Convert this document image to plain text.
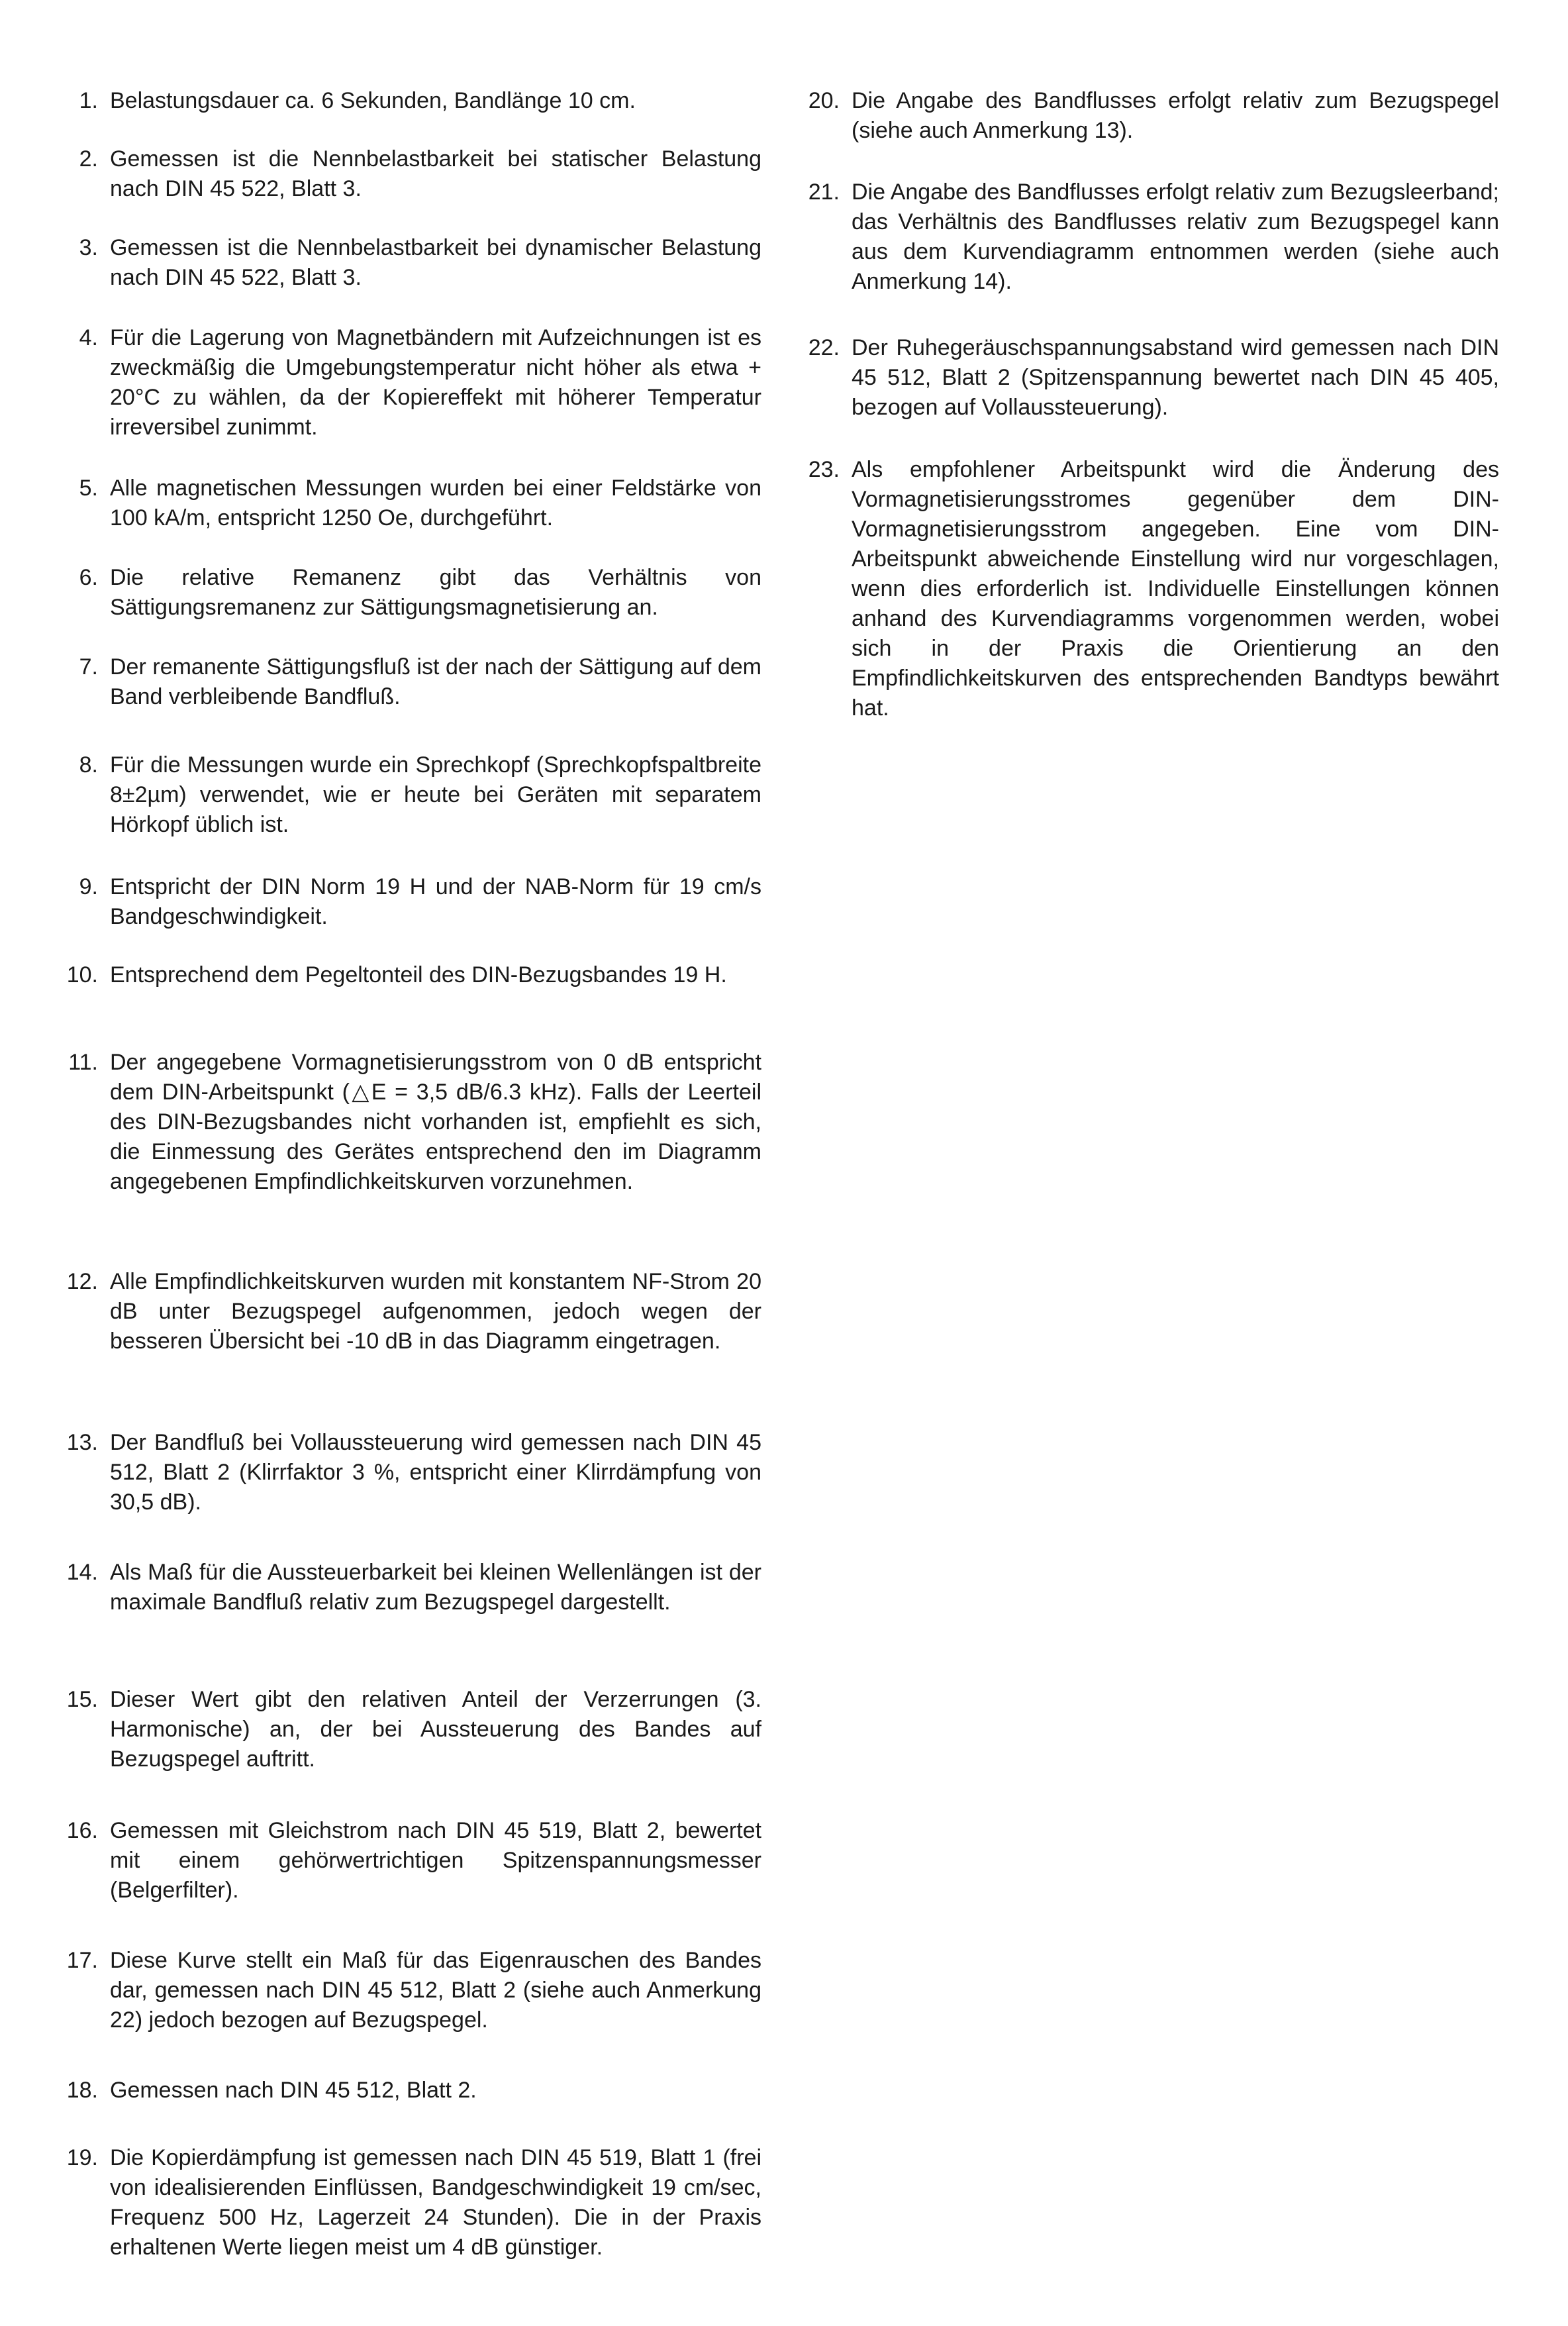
1. Belastungsdauer ca. 6 Sekunden, Bandlänge 10 cm.
2. Gemessen ist die Nennbelastbarkeit bei statischer Belastung nach DIN 45 522, Blatt 3.
3. Gemessen ist die Nennbelastbarkeit bei dynamischer Belastung nach DIN 45 522, Blatt 3.
4. Für die Lagerung von Magnetbändern mit Aufzeichnungen ist es zweckmäßig die Umgebungstemperatur nicht höher als etwa + 20°C zu wählen, da der Kopiereffekt mit höherer Temperatur irreversibel zunimmt.
5. Alle magnetischen Messungen wurden bei einer Feldstärke von 100 kA/m, entspricht 1250 Oe, durchgeführt.
6. Die relative Remanenz gibt das Verhältnis von Sättigungsremanenz zur Sättigungsmagnetisierung an.
7. Der remanente Sättigungsfluß ist der nach der Sättigung auf dem Band verbleibende Bandfluß.
8. Für die Messungen wurde ein Sprechkopf (Sprechkopfspaltbreite 8±2µm) verwendet, wie er heute bei Geräten mit separatem Hörkopf üblich ist.
9. Entspricht der DIN Norm 19 H und der NAB-Norm für 19 cm/s Bandgeschwindigkeit.
10. Entsprechend dem Pegeltonteil des DIN-Bezugsbandes 19 H.
11. Der angegebene Vormagnetisierungsstrom von 0 dB entspricht dem DIN-Arbeitspunkt (△E = 3,5 dB/6.3 kHz). Falls der Leerteil des DIN-Bezugsbandes nicht vorhanden ist, empfiehlt es sich, die Einmessung des Gerätes entsprechend den im Diagramm angegebenen Empfindlichkeitskurven vorzunehmen.
12. Alle Empfindlichkeitskurven wurden mit konstantem NF-Strom 20 dB unter Bezugspegel aufgenommen, jedoch wegen der besseren Übersicht bei -10 dB in das Diagramm eingetragen.
13. Der Bandfluß bei Vollaussteuerung wird gemessen nach DIN 45 512, Blatt 2 (Klirrfaktor 3 %, entspricht einer Klirrdämpfung von 30,5 dB).
14. Als Maß für die Aussteuerbarkeit bei kleinen Wellenlängen ist der maximale Bandfluß relativ zum Bezugspegel dargestellt.
15. Dieser Wert gibt den relativen Anteil der Verzerrungen (3. Harmonische) an, der bei Aussteuerung des Bandes auf Bezugspegel auftritt.
16. Gemessen mit Gleichstrom nach DIN 45 519, Blatt 2, bewertet mit einem gehörwertrichtigen Spitzenspannungsmesser (Belgerfilter).
17. Diese Kurve stellt ein Maß für das Eigenrauschen des Bandes dar, gemessen nach DIN 45 512, Blatt 2 (siehe auch Anmerkung 22) jedoch bezogen auf Bezugspegel.
18. Gemessen nach DIN 45 512, Blatt 2.
19. Die Kopierdämpfung ist gemessen nach DIN 45 519, Blatt 1 (frei von idealisierenden Einflüssen, Bandgeschwindigkeit 19 cm/sec, Frequenz 500 Hz, Lagerzeit 24 Stunden). Die in der Praxis erhaltenen Werte liegen meist um 4 dB günstiger.
20. Die Angabe des Bandflusses erfolgt relativ zum Bezugspegel (siehe auch Anmerkung 13).
21. Die Angabe des Bandflusses erfolgt relativ zum Bezugsleerband; das Verhältnis des Bandflusses relativ zum Bezugspegel kann aus dem Kurvendiagramm entnommen werden (siehe auch Anmerkung 14).
22. Der Ruhegeräuschspannungsabstand wird gemessen nach DIN 45 512, Blatt 2 (Spitzenspannung bewertet nach DIN 45 405, bezogen auf Vollaussteuerung).
23. Als empfohlener Arbeitspunkt wird die Änderung des Vormagnetisierungsstromes gegenüber dem DIN-Vormagnetisierungsstrom angegeben. Eine vom DIN-Arbeitspunkt abweichende Einstellung wird nur vorgeschlagen, wenn dies erforderlich ist. Individuelle Einstellungen können anhand des Kurvendiagramms vorgenommen werden, wobei sich in der Praxis die Orientierung an den Empfindlichkeitskurven des entsprechenden Bandtyps bewährt hat.
